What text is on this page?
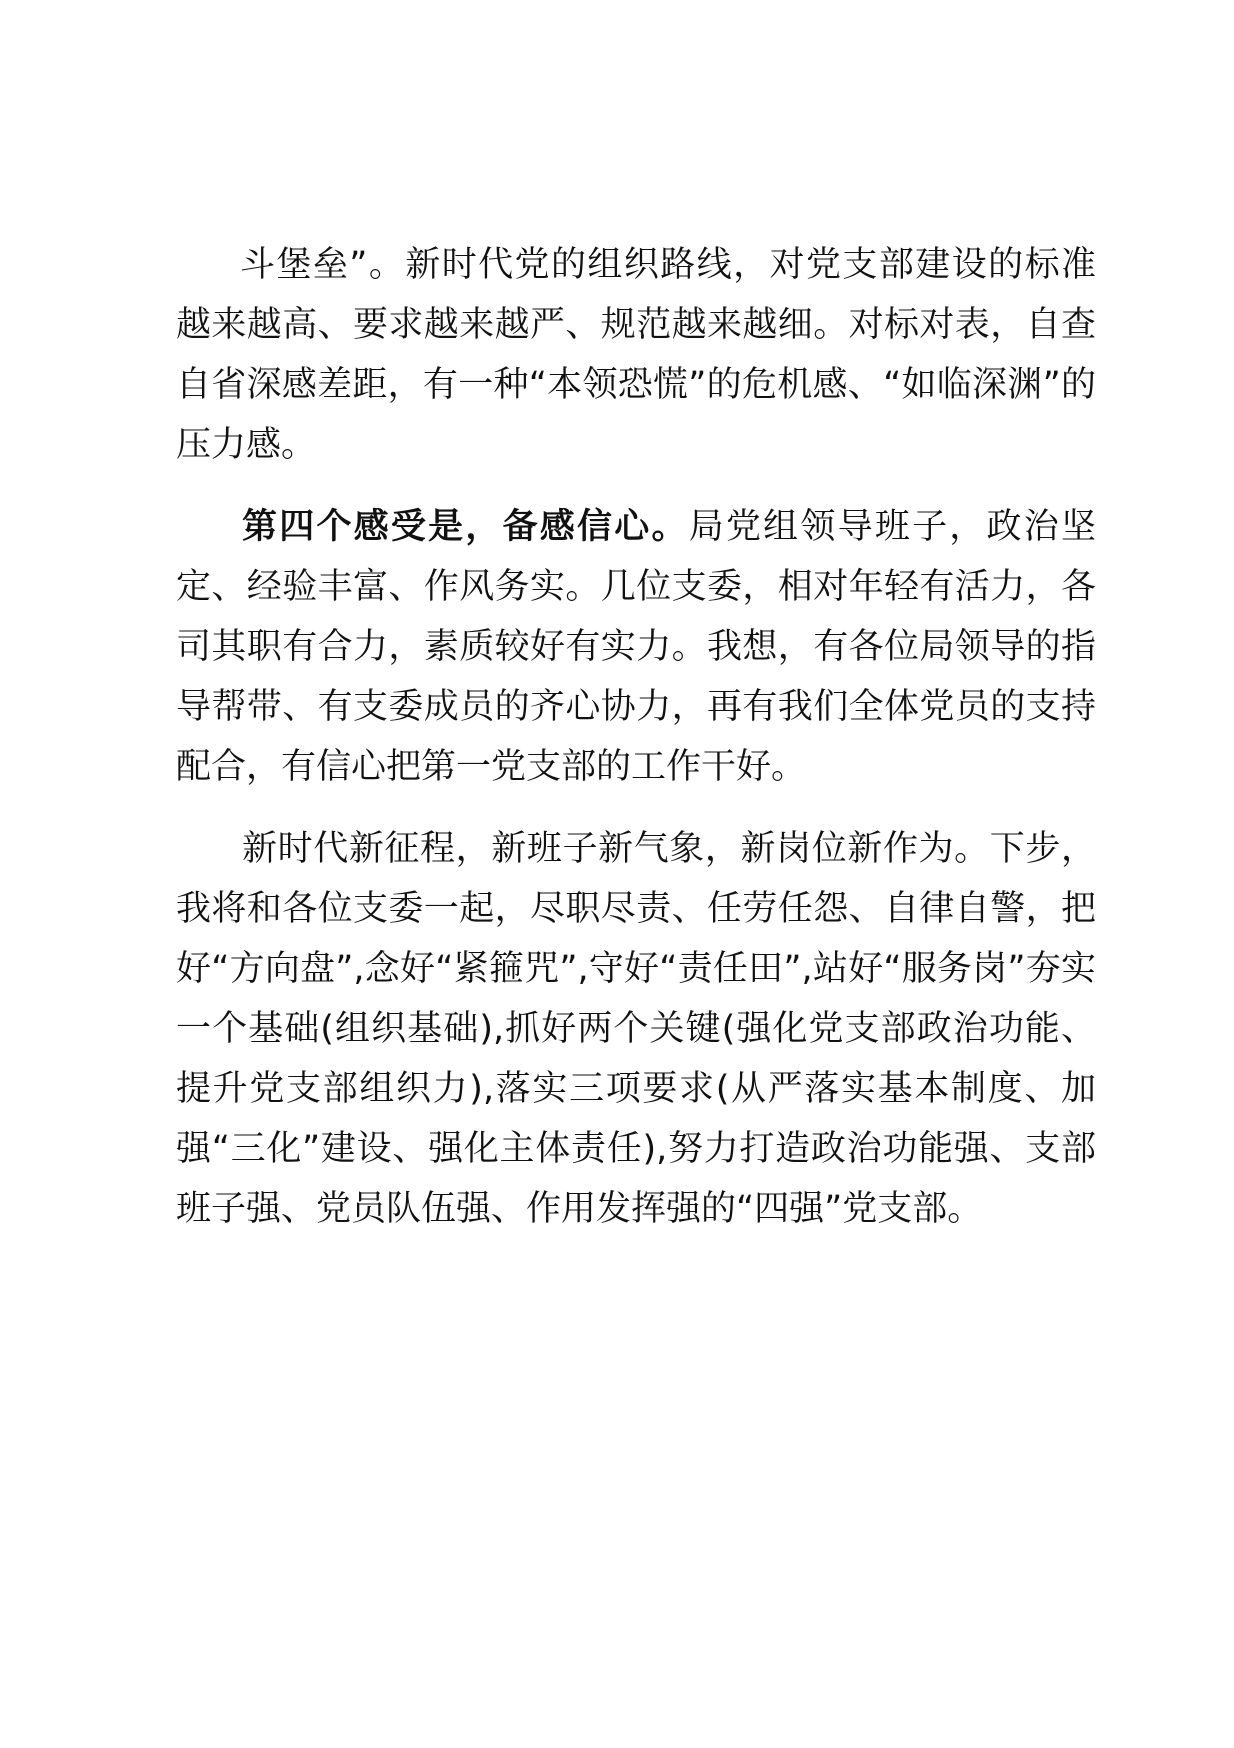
斗堡垒”。新时代党的组织路线，对党支部建设的标准越来越高、要求越来越严、规范越来越细。对标对表，自查自省深感差距，有一种“本领恐慌”的危机感、“如临深渊”的压力感。

第四个感受是，备感信心。局党组领导班子，政治坚定、经验丰富、作风务实。几位支委，相对年轻有活力，各司其职有合力，素质较好有实力。我想，有各位局领导的指导帮带、有支委成员的齐心协力，再有我们全体党员的支持配合，有信心把第一党支部的工作干好。

新时代新征程，新班子新气象，新岗位新作为。下步，我将和各位支委一起，尽职尽责、任劳任怨、自律自警，把好“方向盘”,念好“紧箍咒”,守好“责任田”,站好“服务岗”夯实一个基础(组织基础),抓好两个关键(强化党支部政治功能、提升党支部组织力),落实三项要求(从严落实基本制度、加强“三化”建设、强化主体责任),努力打造政治功能强、支部班子强、党员队伍强、作用发挥强的“四强”党支部。
